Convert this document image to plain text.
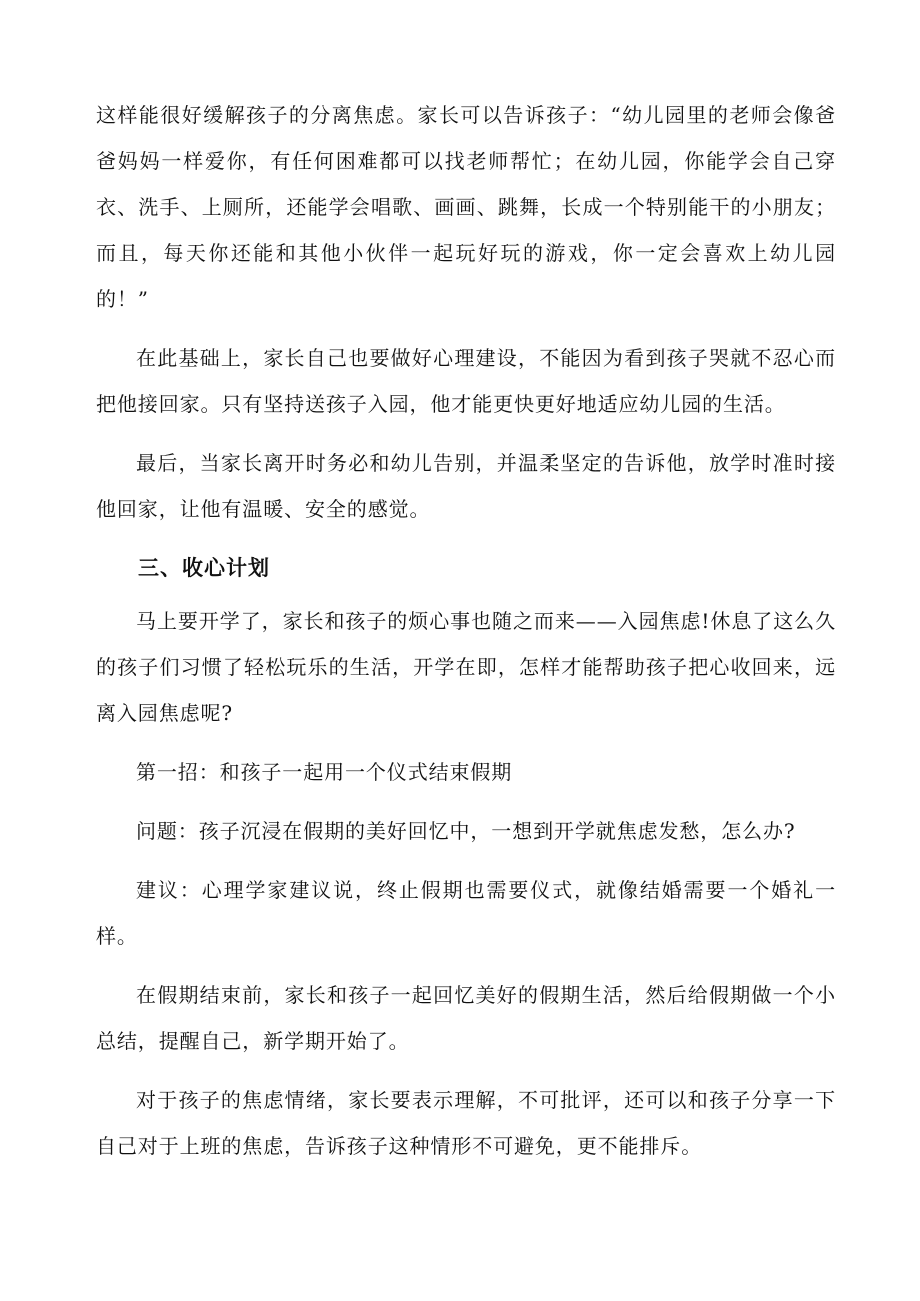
这样能很好缓解孩子的分离焦虑。家长可以告诉孩子：“幼儿园里的老师会像爸爸妈妈一样爱你，有任何困难都可以找老师帮忙；在幼儿园，你能学会自己穿衣、洗手、上厕所，还能学会唱歌、画画、跳舞，长成一个特别能干的小朋友；而且，每天你还能和其他小伙伴一起玩好玩的游戏，你一定会喜欢上幼儿园的！”

在此基础上，家长自己也要做好心理建设，不能因为看到孩子哭就不忍心而把他接回家。只有坚持送孩子入园，他才能更快更好地适应幼儿园的生活。

最后，当家长离开时务必和幼儿告别，并温柔坚定的告诉他，放学时准时接他回家，让他有温暖、安全的感觉。

三、收心计划

马上要开学了，家长和孩子的烦心事也随之而来——入园焦虑!休息了这么久的孩子们习惯了轻松玩乐的生活，开学在即，怎样才能帮助孩子把心收回来，远离入园焦虑呢?

第一招：和孩子一起用一个仪式结束假期

问题：孩子沉浸在假期的美好回忆中，一想到开学就焦虑发愁，怎么办?

建议：心理学家建议说，终止假期也需要仪式，就像结婚需要一个婚礼一样。

在假期结束前，家长和孩子一起回忆美好的假期生活，然后给假期做一个小总结，提醒自己，新学期开始了。

对于孩子的焦虑情绪，家长要表示理解，不可批评，还可以和孩子分享一下自己对于上班的焦虑，告诉孩子这种情形不可避免，更不能排斥。
